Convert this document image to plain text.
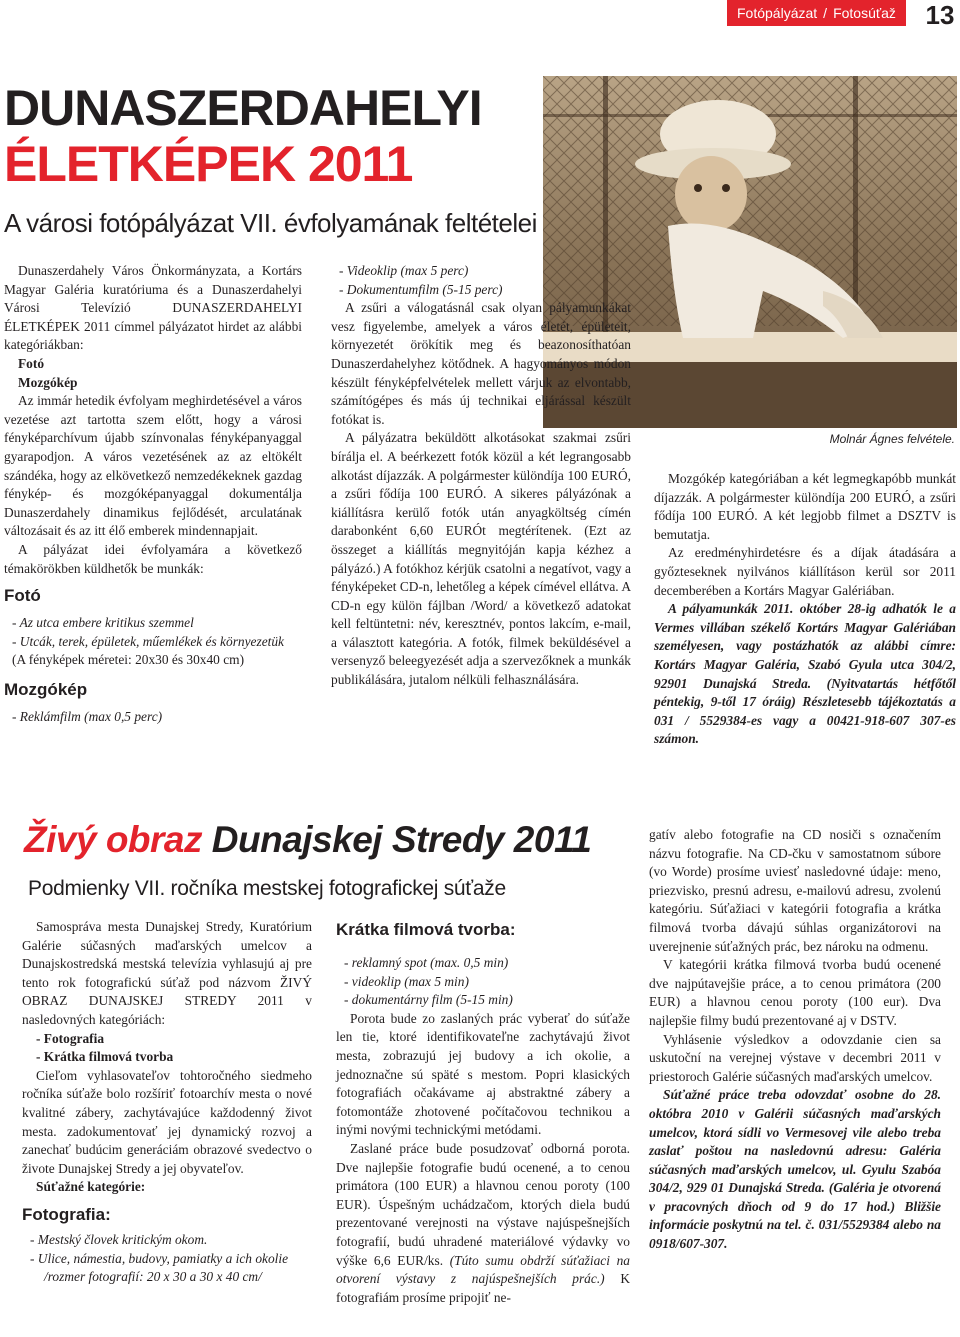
Fotópályázat / Fotosúťaž	13
DUNASZERDAHELYI
ÉLETKÉPEK 2011
A városi fotópályázat VII. évfolyamának feltételei
Molnár Ágnes felvétele.

Dunaszerdahely Város Önkormányzata, a Kortárs Magyar Galéria kuratóriuma és a Dunaszerdahelyi Városi Televízió DUNASZERDAHELYI ÉLETKÉPEK 2011 címmel pályázatot hirdet az alábbi kategóriákban:

Fotó

Mozgókép

Az immár hetedik évfolyam meghirdetésével a város vezetése azt tartotta szem előtt, hogy a városi fényképarchívum újabb színvonalas fényképanyaggal gyarapodjon. A város vezetésének az az eltökélt szándéka, hogy az elkövetkező nemzedékeknek gazdag fénykép- és mozgóképanyaggal dokumentálja Dunaszerdahely dinamikus fejlődését, arculatának változásait és az itt élő emberek mindennapjait.

A pályázat idei évfolyamára a következő témakörökben küldhetők be munkák:

Fotó
- Az utca embere kritikus szemmel
- Utcák, terek, épületek, műemlékek és környezetük

(A fényképek méretei: 20x30 és 30x40 cm)

Mozgókép
- Reklámfilm (max 0,5 perc)
- Videoklip (max 5 perc)
- Dokumentumfilm (5-15 perc)

A zsűri a válogatásnál csak olyan pályamunkákat vesz figyelembe, amelyek a város életét, épületeit, környezetét örökítik meg és beazonosíthatóan Dunaszerdahelyhez kötődnek. A hagyományos módon készült fényképfelvételek mellett várjuk az elvontabb, számítógépes és más új technikai eljárással készült fotókat is.

A pályázatra beküldött alkotásokat szakmai zsűri bírálja el. A beérkezett fotók közül a két legrangosabb alkotást díjazzák. A polgármester különdíja 100 EURÓ, a zsűri fődíja 100 EURÓ. A sikeres pályázónak a kiállításra kerülő fotók után anyagköltség címén darabonként 6,60 EURÓt megtérítenek. (Ezt az összeget a kiállítás megnyitóján kapja kézhez a pályázó.) A fotókhoz kérjük csatolni a negatívot, vagy a fényképeket CD-n, lehetőleg a képek címével ellátva. A CD-n egy külön fájlban /Word/ a következő adatokat kell feltüntetni: név, keresztnév, pontos lakcím, e-mail, a választott kategória. A fotók, filmek beküldésével a versenyző beleegyezését adja a szervezőknek a munkák publikálására, jutalom nélküli felhasználására.

Mozgókép kategóriában a két legmegkapóbb munkát díjazzák. A polgármester különdíja 200 EURÓ, a zsűri fődíja 100 EURÓ. A két legjobb filmet a DSZTV is bemutatja.

Az eredményhirdetésre és a díjak átadására a győzteseknek nyilvános kiállításon kerül sor 2011 decemberében a Kortárs Magyar Galériában.

A pályamunkák 2011. október 28-ig adhatók le a Vermes villában székelő Kortárs Magyar Galériában személyesen, vagy postázhatók az alábbi címre: Kortárs Magyar Galéria, Szabó Gyula utca 304/2, 92901 Dunajská Streda. (Nyitvatartás hétfőtől péntekig, 9-től 17 óráig) Részletesebb tájékoztatás a 031 / 5529384-es vagy a 00421-918-607 307-es számon.

Živý obraz Dunajskej Stredy 2011
Podmienky VII. ročníka mestskej fotografickej súťaže

Samospráva mesta Dunajskej Stredy, Kuratórium Galérie súčasných maďarských umelcov a Dunajskostredská mestská televízia vyhlasujú aj pre tento rok fotografickú súťaž pod názvom ŽIVÝ OBRAZ DUNAJSKEJ STREDY 2011 v nasledovných kategóriách:

- Fotografia

- Krátka filmová tvorba

Cieľom vyhlasovateľov tohtoročného siedmeho ročníka súťaže bolo rozšíriť fotoarchív mesta o nové kvalitné zábery, zachytávajúce každodenný život mesta. zadokumentovať jej dynamický rozvoj a zanechať budúcim generáciám obrazové svedectvo o živote Dunajskej Stredy a jej obyvateľov.

Súťažné kategórie:

Fotografia:
- Mestský človek kritickým okom.
- Ulice, námestia, budovy, pamiatky a ich okolie /rozmer fotografií: 20 x 30 a 30 x 40 cm/
Krátka filmová tvorba:
- reklamný spot (max. 0,5 min)
- videoklip (max 5 min)
- dokumentárny film (5-15 min)

Porota bude zo zaslaných prác vyberať do súťaže len tie, ktoré identifikovateľne zachytávajú život mesta, zobrazujú jej budovy a ich okolie, a jednoznačne sú späté s mestom. Popri klasických fotografiách očakávame aj abstraktné zábery a fotomontáže zhotovené počítačovou technikou a inými novými technickými metódami.

Zaslané práce bude posudzovať odborná porota. Dve najlepšie fotografie budú ocenené, a to cenou primátora (100 EUR) a hlavnou cenou poroty (100 EUR). Úspešným uchádzačom, ktorých diela budú prezentované verejnosti na výstave najúspešnejších fotografií, budú uhradené materiálové výdavky vo výške 6,6 EUR/ks. (Túto sumu obdrží súťažiaci na otvorení výstavy z najúspešnejších prác.) K fotografiám prosíme pripojiť ne-

gatív alebo fotografie na CD nosiči s označením názvu fotografie. Na CD-čku v samostatnom súbore (vo Worde) prosíme uviesť nasledovné údaje: meno, priezvisko, presnú adresu, e-mailovú adresu, zvolenú kategóriu. Súťažiaci v kategórii fotografia a krátka filmová tvorba dávajú súhlas organizátorovi na uverejnenie súťažných prác, bez nároku na odmenu.

V kategórii krátka filmová tvorba budú ocenené dve najpútavejšie práce, a to cenou primátora (200 EUR) a hlavnou cenou poroty (100 eur). Dva najlepšie filmy budú prezentované aj v DSTV.

Vyhlásenie výsledkov a odovzdanie cien sa uskutoční na verejnej výstave v decembri 2011 v priestoroch Galérie súčasných maďarských umelcov.

Súťažné práce treba odovzdať osobne do 28. októbra 2010 v Galérii súčasných maďarských umelcov, ktorá sídli vo Vermesovej vile alebo treba zaslať poštou na nasledovnú adresu: Galéria súčasných maďarských umelcov, ul. Gyulu Szabóa 304/2, 929 01 Dunajská Streda. (Galéria je otvorená v pracovných dňoch od 9 do 17 hod.) Bližšie informácie poskytnú na tel. č. 031/5529384 alebo na 0918/607-307.
